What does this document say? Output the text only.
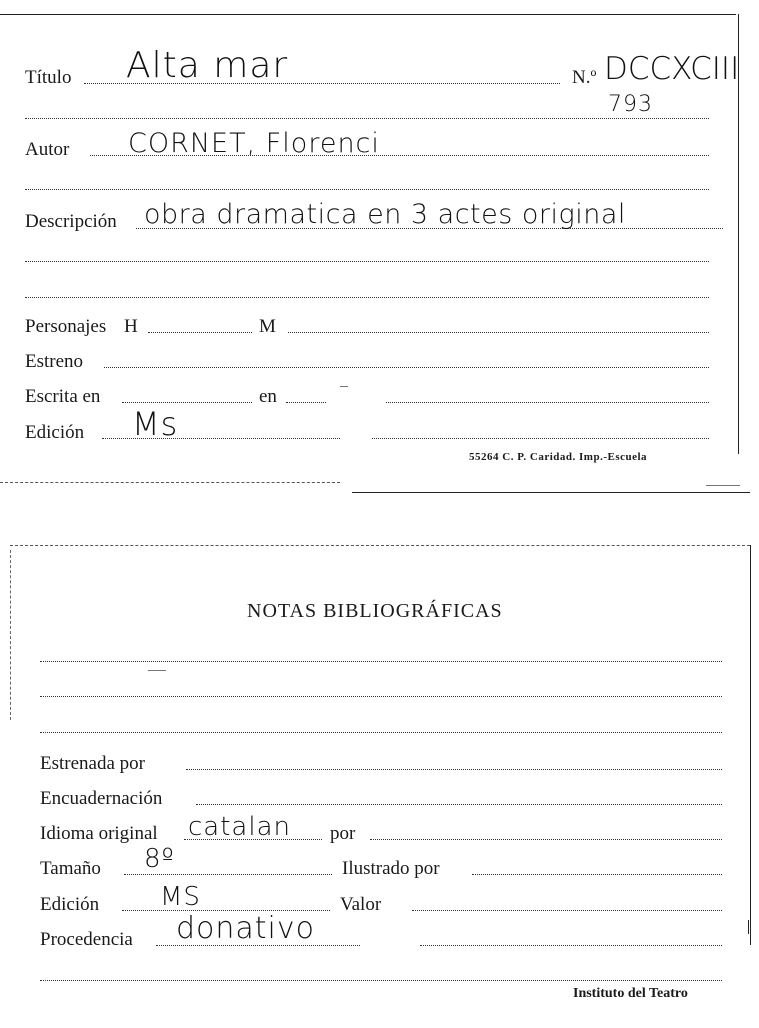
Título Alta mar	N.º DCCXCIII
793
Autor CORNET, Florenci
Descripción obra dramatica en 3 actes original
Personajes H	M
Estreno
Escrita en	en
Edición Ms
55264 C. P. Caridad. Imp.-Escuela
NOTAS BIBLIOGRÁFICAS
Estrenada por
Encuadernación
Idioma original catalan por
Tamaño 8º	Ilustrado por
Edición MS	Valor
Procedencia donativo
Instituto del Teatro
